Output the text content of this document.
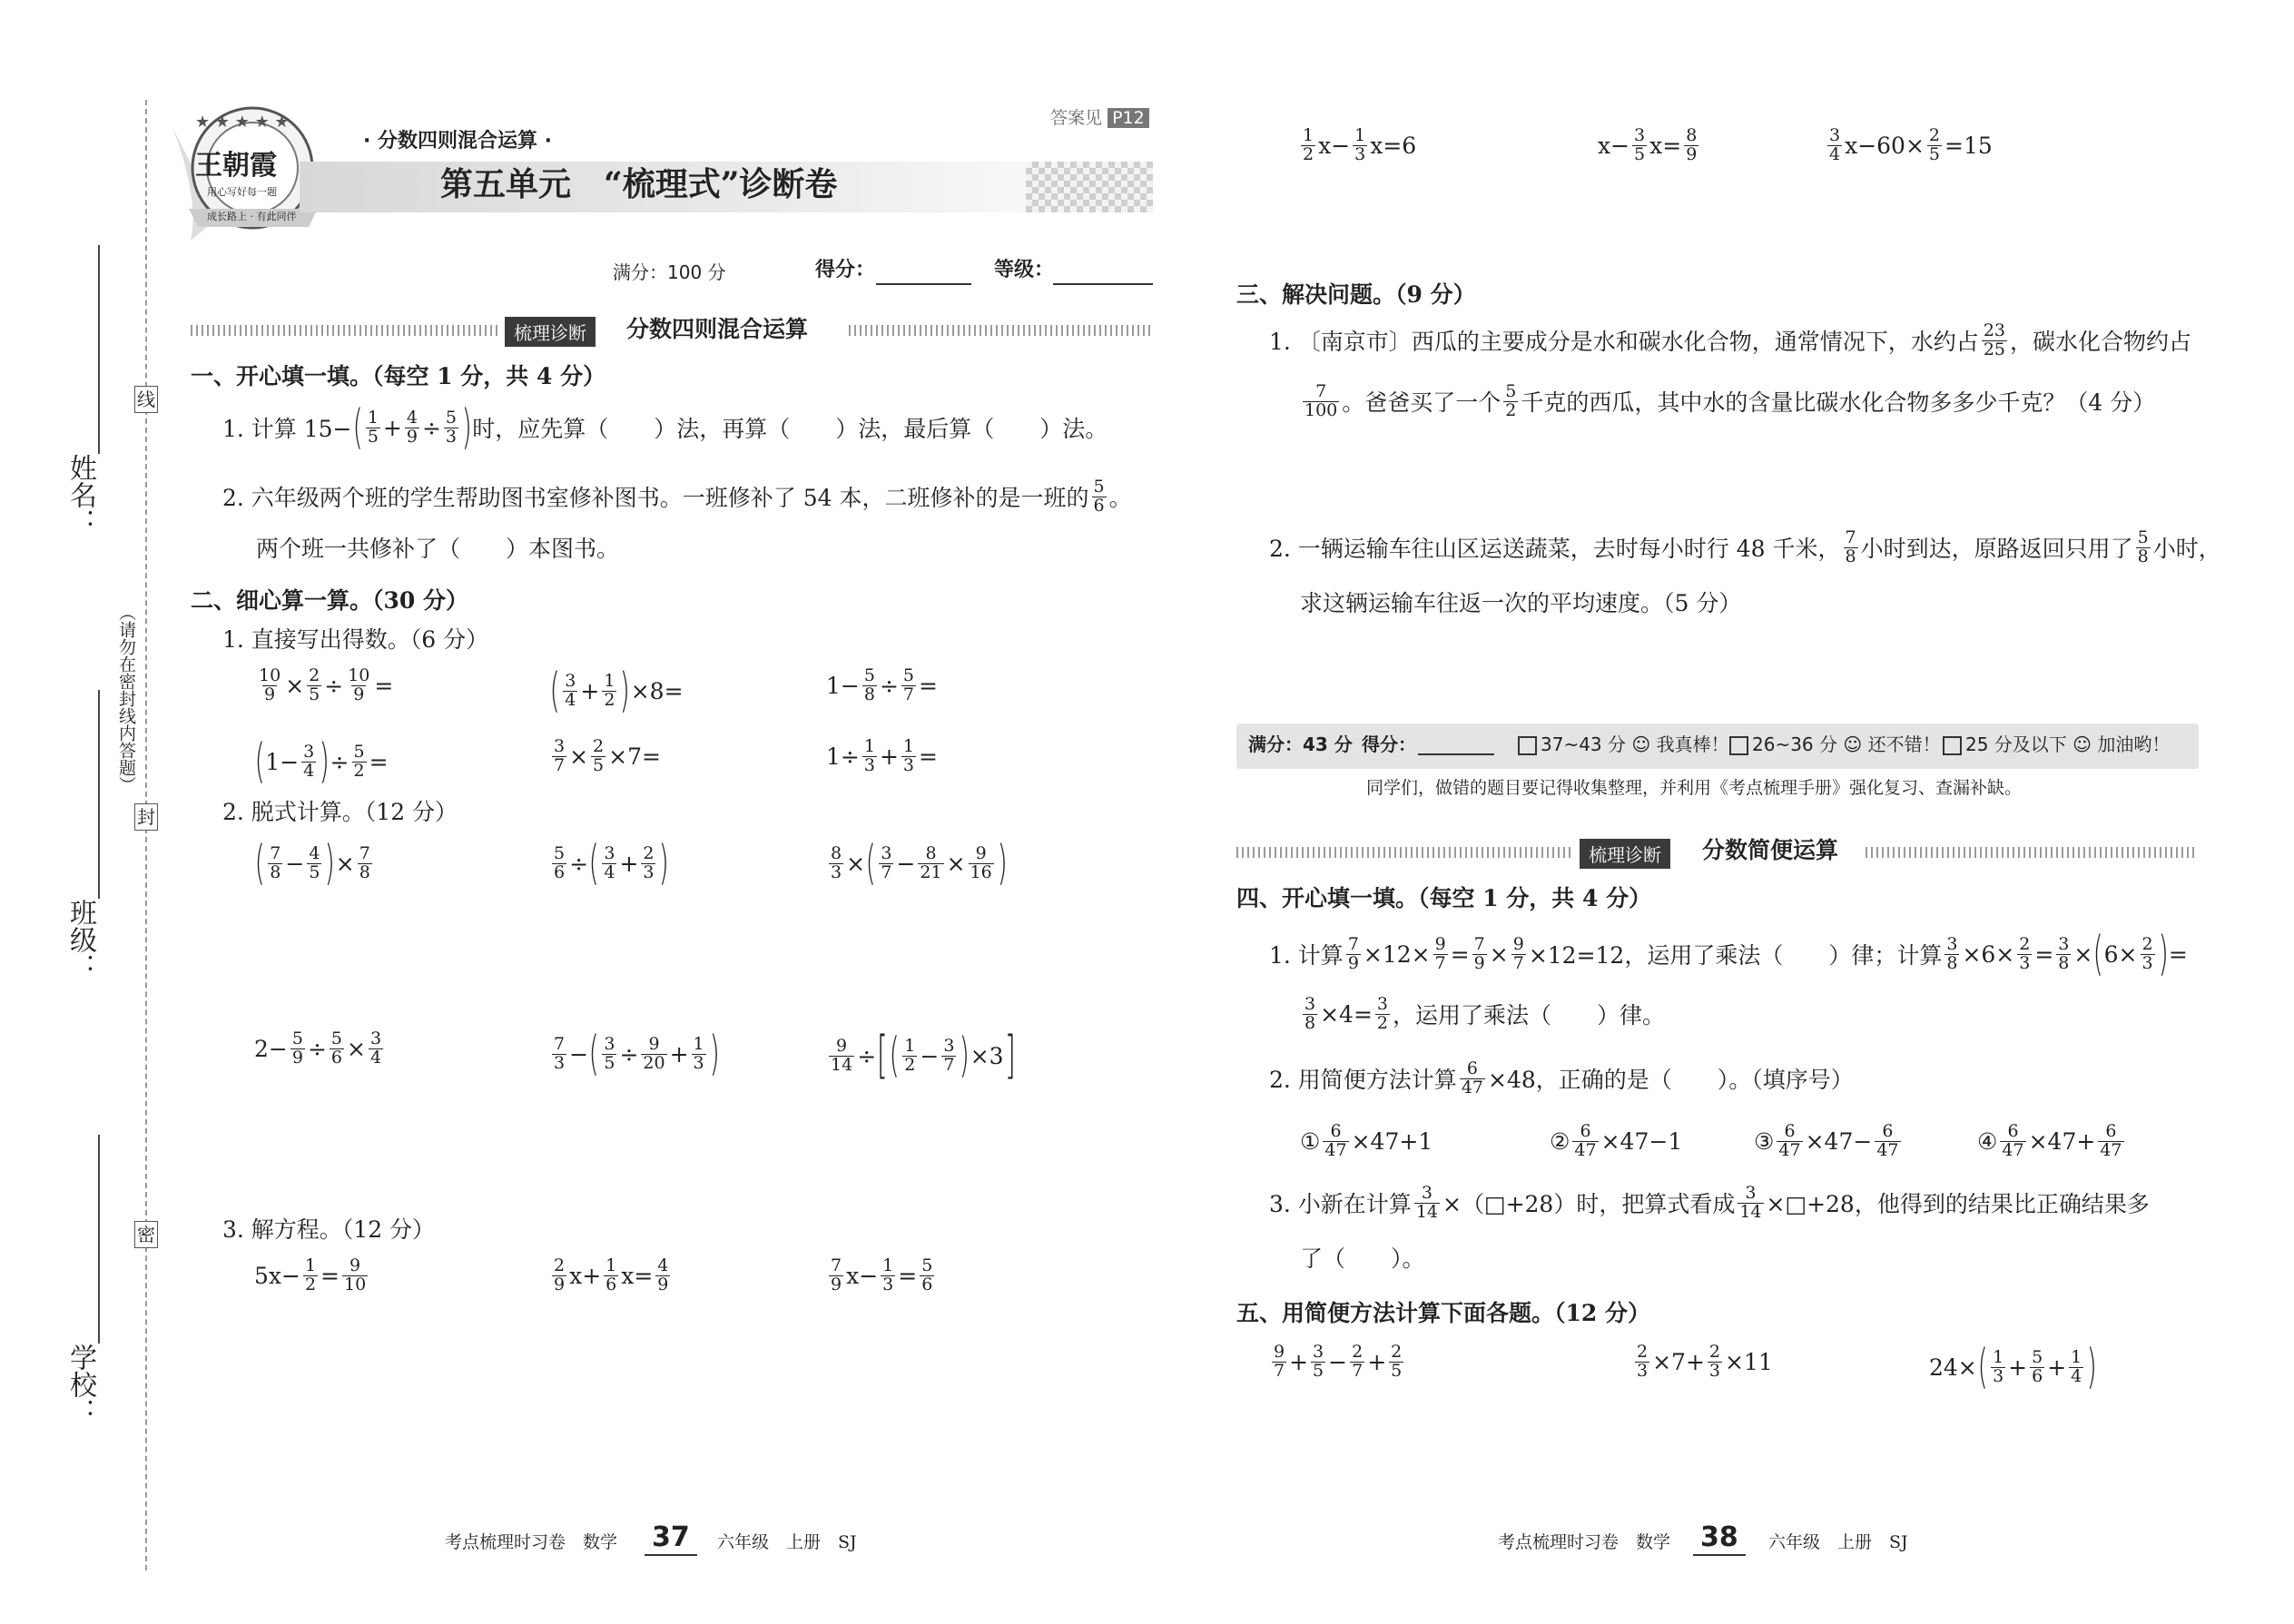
线
封
密
（请勿在密封线内答题）
姓名：
班级：
学校：
★ ★ ★ ★ ★
王朝霞
用心写好每一题
成长路上 · 有此同伴
· 分数四则混合运算 ·
第五单元　“梳理式”诊断卷
答案见 P12
满分：100 分	得分：	等级：
梳理诊断	分数四则混合运算
一、开心填一填。（每空 1 分，共 4 分）
1. 计算 15− ( $\frac{1}{5} + \frac{4}{9} \div \frac{5}{3}$ ) 时，应先算（　　）法，再算（　　）法，最后算（　　）法。
2. 六年级两个班的学生帮助图书室修补图书。一班修补了 54 本，二班修补的是一班的 $\frac{5}{6}$ 。
两个班一共修补了（　　）本图书。
二、细心算一算。（30 分）
1. 直接写出得数。（6 分）
$\frac{10}{9} \times \frac{2}{5} \div \frac{10}{9}$ =	( $\frac{3}{4} + \frac{1}{2}$ ) ×8=	$1- \frac{5}{8} \div \frac{5}{7}$ =
( $1- \frac{3}{4}$ ) ÷ $\frac{5}{2}$ =	$\frac{3}{7} \times \frac{2}{5} \times 7=$	$1\div \frac{1}{3} + \frac{1}{3}$ =
2. 脱式计算。（12 分）
( $\frac{7}{8} - \frac{4}{5}$ ) × $\frac{7}{8}$	$\frac{5}{6}$ ÷ ( $\frac{3}{4} + \frac{2}{3}$ )	$\frac{8}{3}$ × ( $\frac{3}{7} - \frac{8}{21} \times \frac{9}{16}$ )
$2- \frac{5}{9} \div \frac{5}{6} \times \frac{3}{4}$	$\frac{7}{3}$ − ( $\frac{3}{5} \div \frac{9}{20} + \frac{1}{3}$ )	$\frac{9}{14}$ ÷ [ ( $\frac{1}{2} - \frac{3}{7}$ ) ×3 ]
3. 解方程。（12 分）
$5x- \frac{1}{2} = \frac{9}{10}$	$\frac{2}{9} x+ \frac{1}{6} x= \frac{4}{9}$	$\frac{7}{9} x- \frac{1}{3} = \frac{5}{6}$
考点梳理时习卷　数学 37	六年级　上册　SJ
$\frac{1}{2} x- \frac{1}{3} x=6$	$x- \frac{3}{5} x= \frac{8}{9}$	$\frac{3}{4} x-60\times \frac{2}{5} =15$
三、解决问题。（9 分）
1. 〔南京市〕西瓜的主要成分是水和碳水化合物，通常情况下，水约占 $\frac{23}{25}$ ，碳水化合物约占
$\frac{7}{100}$ 。爸爸买了一个 $\frac{5}{2}$ 千克的西瓜，其中水的含量比碳水化合物多多少千克？（4 分）
2. 一辆运输车往山区运送蔬菜，去时每小时行 48 千米， $\frac{7}{8}$ 小时到达，原路返回只用了 $\frac{5}{8}$ 小时，
求这辆运输车往返一次的平均速度。（5 分）
满分：43 分 得分：	37~43 分 ☺ 我真棒！	26~36 分 ☺ 还不错！	25 分及以下 ☺ 加油哟！
同学们，做错的题目要记得收集整理，并利用《考点梳理手册》强化复习、查漏补缺。
梳理诊断	分数简便运算
四、开心填一填。（每空 1 分，共 4 分）
1. 计算 $\frac{7}{9} \times 12\times \frac{9}{7} = \frac{7}{9} \times \frac{9}{7} \times 12=12$，运用了乘法（　　）律；计算 $\frac{3}{8} \times 6\times \frac{2}{3} = \frac{3}{8}$ × ( $6\times \frac{2}{3}$ ) =
$\frac{3}{8} \times 4= \frac{3}{2}$ ，运用了乘法（　　）律。
2. 用简便方法计算 $\frac{6}{47} \times 48$，正确的是（　　）。（填序号）
① $\frac{6}{47} \times 47+1$	② $\frac{6}{47} \times 47-1$	③ $\frac{6}{47} \times 47- \frac{6}{47}$	④ $\frac{6}{47} \times 47+ \frac{6}{47}$
3. 小新在计算 $\frac{3}{14}$ ×（□+28）时，把算式看成 $\frac{3}{14}$ ×□+28，他得到的结果比正确结果多
了（　　）。
五、用简便方法计算下面各题。（12 分）
$\frac{9}{7} + \frac{3}{5} - \frac{2}{7} + \frac{2}{5}$	$\frac{2}{3} \times 7+ \frac{2}{3} \times 11$	24× ( $\frac{1}{3} + \frac{5}{6} + \frac{1}{4}$ )
考点梳理时习卷　数学 38	六年级　上册　SJ
